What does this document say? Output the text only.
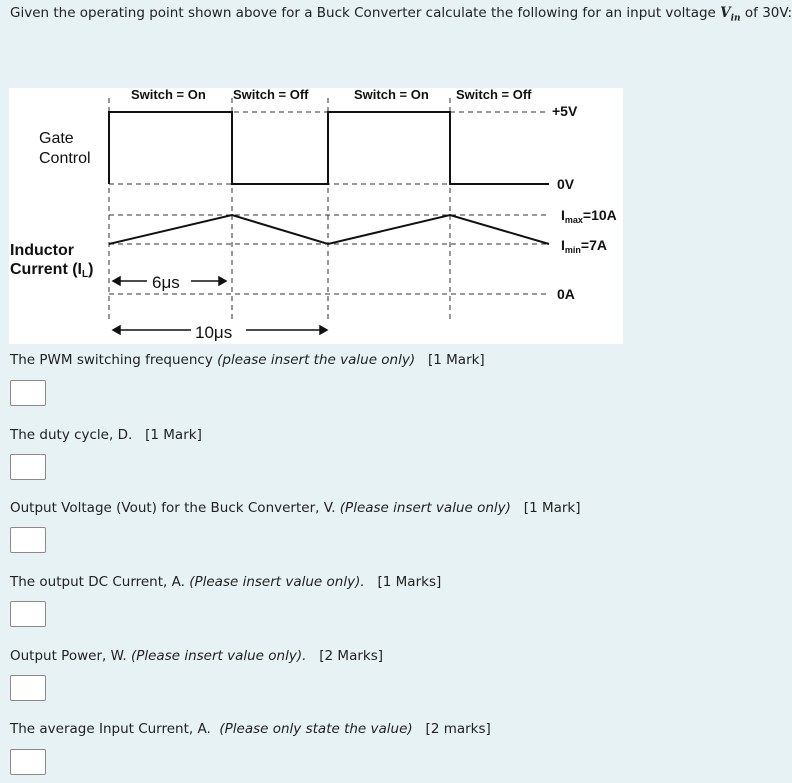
Given the operating point shown above for a Buck Converter calculate the following for an input voltage $V_{in}$ of 30V:
Switch = On Switch = Off	Switch = On Switch = Off
Gate
Control
Inductor
Current (IL)
+5V
0V
$I_{max}=10A$
$I_{min}=7A$
0A
6μs
10μs
The PWM switching frequency (please insert the value only)   [1 Mark]
The duty cycle, D.   [1 Mark]
Output Voltage (Vout) for the Buck Converter, V. (Please insert value only)   [1 Mark]
The output DC Current, A. (Please insert value only).   [1 Marks]
Output Power, W. (Please insert value only).   [2 Marks]
The average Input Current, A.  (Please only state the value)   [2 marks]
